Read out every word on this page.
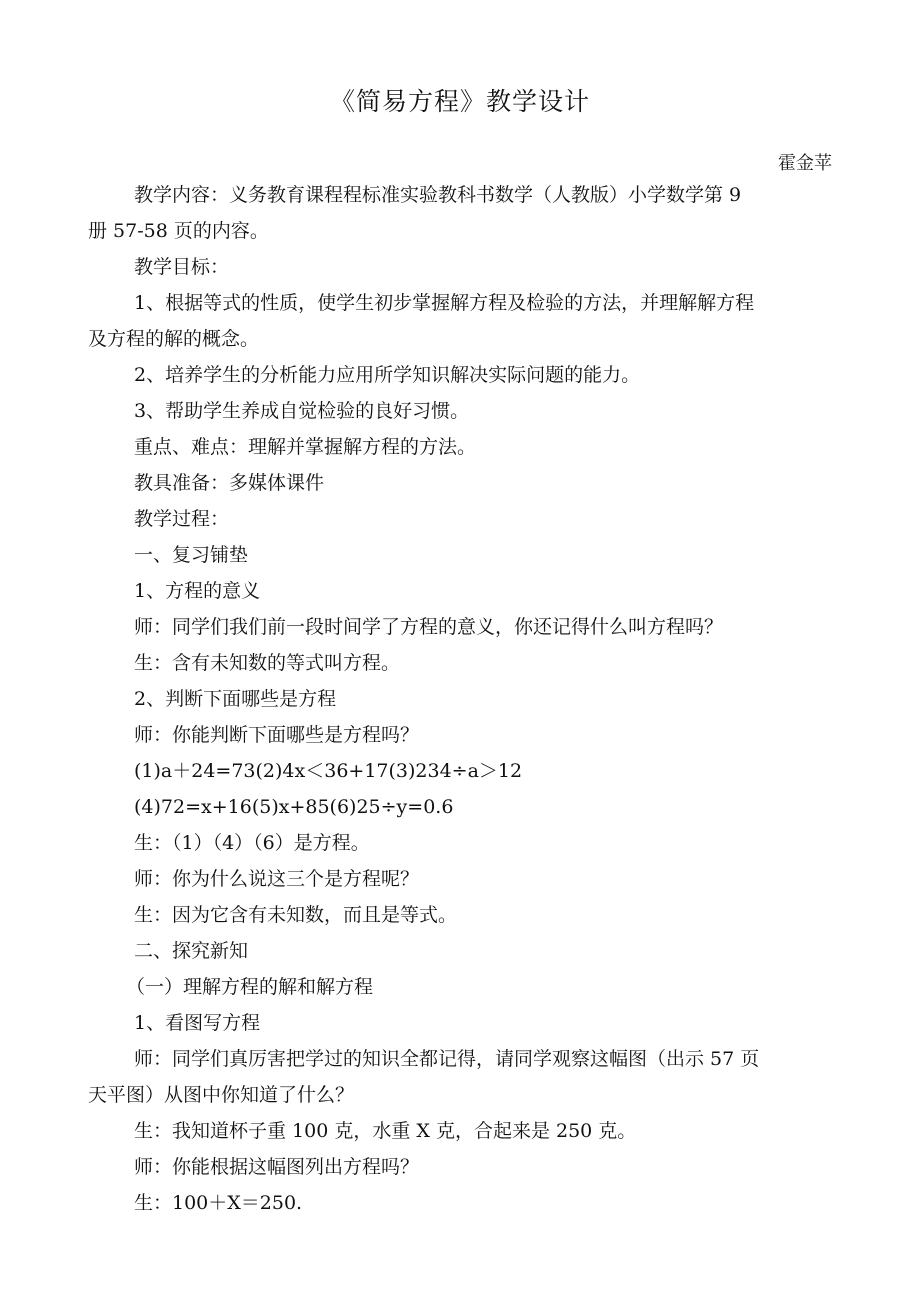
《简易方程》教学设计
霍金苹

教学内容：义务教育课程程标准实验教科书数学（人教版）小学数学第 9

册 57-58 页的内容。

教学目标：

1、根据等式的性质，使学生初步掌握解方程及检验的方法，并理解解方程

及方程的解的概念。

2、培养学生的分析能力应用所学知识解决实际问题的能力。

3、帮助学生养成自觉检验的良好习惯。

重点、难点：理解并掌握解方程的方法。

教具准备：多媒体课件

教学过程：

一、复习铺垫

1、方程的意义

师：同学们我们前一段时间学了方程的意义，你还记得什么叫方程吗？

生：含有未知数的等式叫方程。

2、判断下面哪些是方程

师：你能判断下面哪些是方程吗？

(1)a＋24=73(2)4x＜36+17(3)234÷a＞12

(4)72=x+16(5)x+85(6)25÷y=0.6

生：（1）（4）（6）是方程。

师：你为什么说这三个是方程呢？

生：因为它含有未知数，而且是等式。

二、探究新知

（一）理解方程的解和解方程

1、看图写方程

师：同学们真厉害把学过的知识全都记得，请同学观察这幅图（出示 57 页

天平图）从图中你知道了什么？

生：我知道杯子重 100 克，水重 X 克，合起来是 250 克。

师：你能根据这幅图列出方程吗？

生：100＋X＝250.
